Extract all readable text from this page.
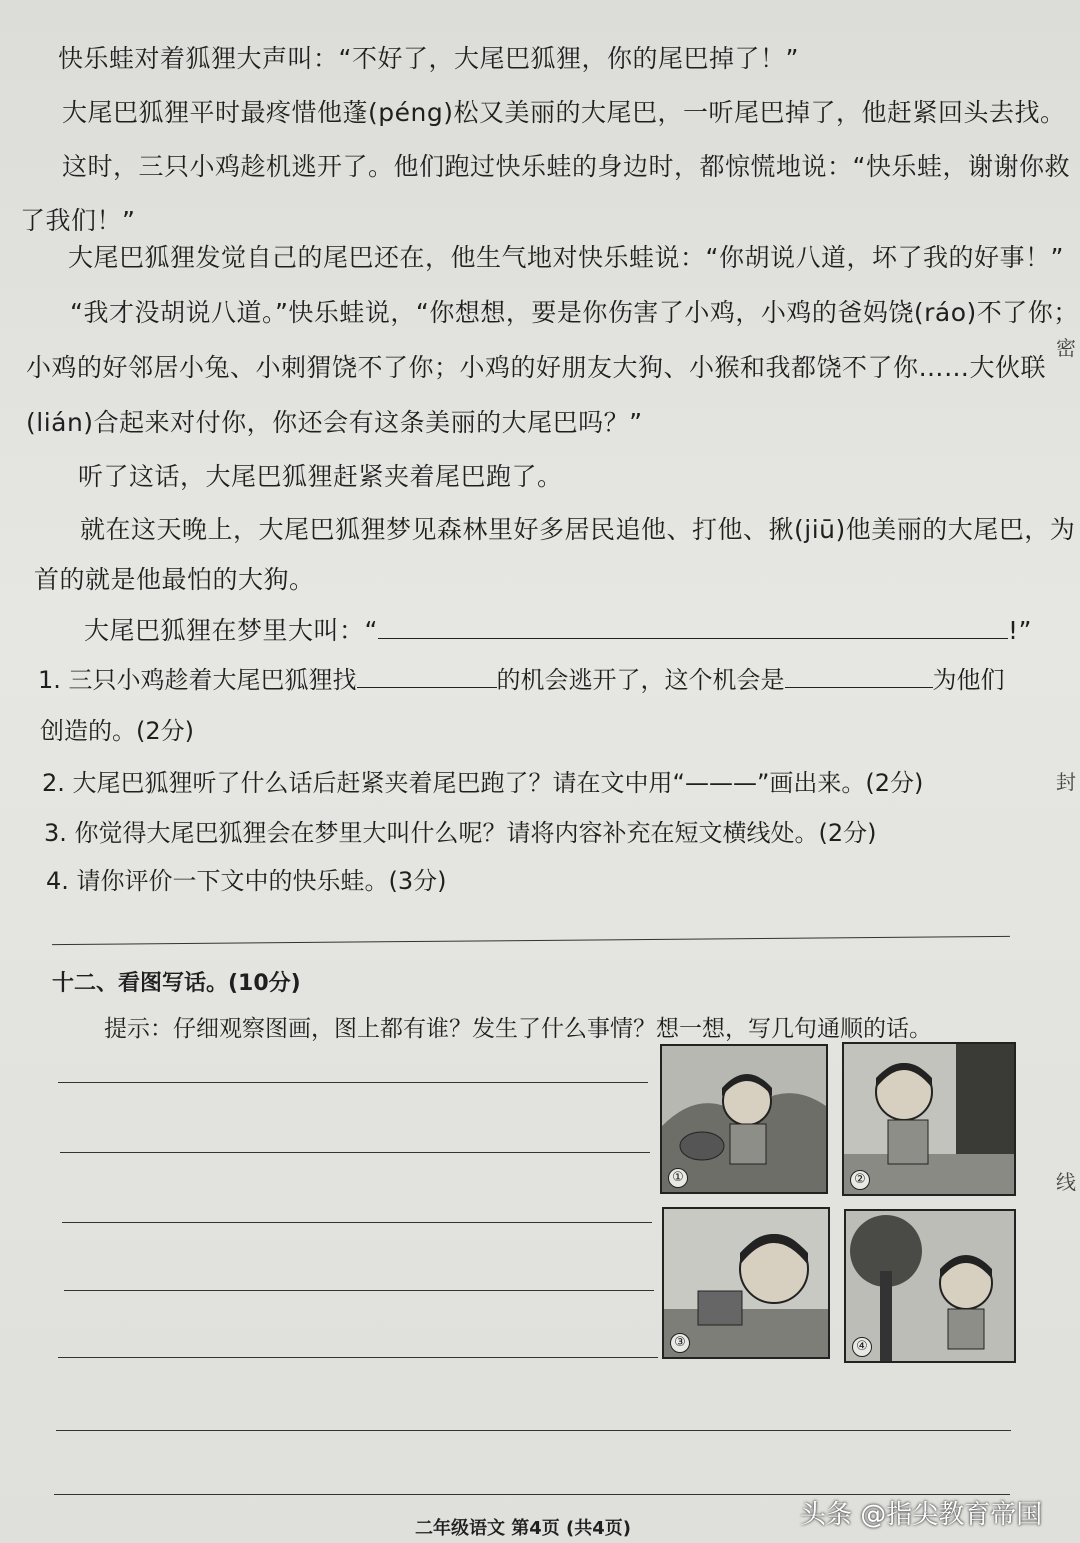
快乐蛙对着狐狸大声叫：“不好了，大尾巴狐狸，你的尾巴掉了！”
大尾巴狐狸平时最疼惜他蓬(péng)松又美丽的大尾巴，一听尾巴掉了，他赶紧回头去找。
这时，三只小鸡趁机逃开了。他们跑过快乐蛙的身边时，都惊慌地说：“快乐蛙，谢谢你救
了我们！”
大尾巴狐狸发觉自己的尾巴还在，他生气地对快乐蛙说：“你胡说八道，坏了我的好事！”
“我才没胡说八道。”快乐蛙说，“你想想，要是你伤害了小鸡，小鸡的爸妈饶(ráo)不了你；
小鸡的好邻居小兔、小刺猬饶不了你；小鸡的好朋友大狗、小猴和我都饶不了你……大伙联
(lián)合起来对付你，你还会有这条美丽的大尾巴吗？”
听了这话，大尾巴狐狸赶紧夹着尾巴跑了。
就在这天晚上，大尾巴狐狸梦见森林里好多居民追他、打他、揪(jiū)他美丽的大尾巴，为
首的就是他最怕的大狗。
大尾巴狐狸在梦里大叫：“	!”
1. 三只小鸡趁着大尾巴狐狸找	的机会逃开了，这个机会是	为他们
创造的。(2分)
2. 大尾巴狐狸听了什么话后赶紧夹着尾巴跑了？请在文中用“———”画出来。(2分)
3. 你觉得大尾巴狐狸会在梦里大叫什么呢？请将内容补充在短文横线处。(2分)
4. 请你评价一下文中的快乐蛙。(3分)
十二、看图写话。(10分)
提示：仔细观察图画，图上都有谁？发生了什么事情？想一想，写几句通顺的话。
①	②
③	④
密
封
线
二年级语文 第4页 (共4页)	头条 @指尖教育帝国
